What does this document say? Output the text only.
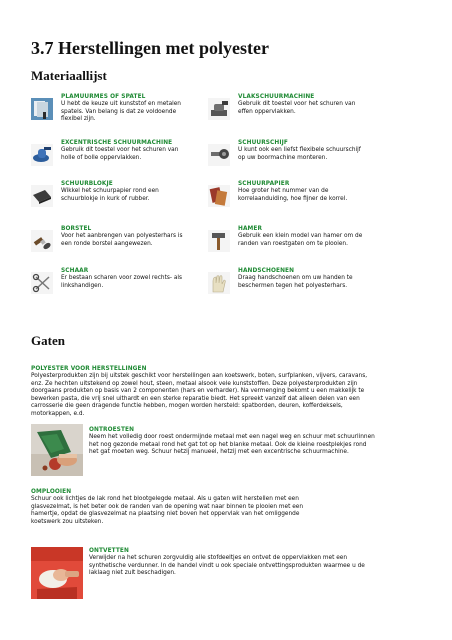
3.7 Herstellingen met polyester
Materiaallijst
PLAMUURMES OF SPATEL
U hebt de keuze uit kunststof en metalen
spatels. Van belang is dat ze voldoende
flexibel zijn.
VLAKSCHUURMACHINE
Gebruik dit toestel voor het schuren van
effen oppervlakken.
EXCENTRISCHE SCHUURMACHINE
Gebruik dit toestel voor het schuren van
holle of bolle oppervlakken.
SCHUURSCHIJF
U kunt ook een liefst flexibele schuurschijf
op uw boormachine monteren.
SCHUURBLOKJE
Wikkel het schuurpapier rond een
schuurblokje in kurk of rubber.
SCHUURPAPIER
Hoe groter het nummer van de
korrelaanduiding, hoe fijner de korrel.
BORSTEL
Voor het aanbrengen van polyesterhars is
een ronde borstel aangewezen.
HAMER
Gebruik een klein model van hamer om de
randen van roestgaten om te plooien.
SCHAAR
Er bestaan scharen voor zowel rechts- als
linkshandigen.
HANDSCHOENEN
Draag handschoenen om uw handen te
beschermen tegen het polyesterhars.
Gaten
POLYESTER VOOR HERSTELLINGEN
Polyesterprodukten zijn bij uitstek geschikt voor herstellingen aan koetswerk, boten, surfplanken, vijvers, caravans,
enz. Ze hechten uitstekend op zowel hout, steen, metaal alsook vele kunststoffen. Deze polyesterprodukten zijn
doorgaans produkten op basis van 2 componenten (hars en verharder). Na vermenging bekomt u een makkelijk te
bewerken pasta, die vrij snel uithardt en een sterke reparatie biedt. Het spreekt vanzelf dat alleen delen van een
carrosserie die geen dragende functie hebben, mogen worden hersteld: spatborden, deuren, kofferdeksels,
motorkappen, e.d.
ONTROESTEN
Neem het volledig door roest ondermijnde metaal met een nagel weg en schuur met schuurlinnen
het nog gezonde metaal rond het gat tot op het blanke metaal. Ook de kleine roestplekjes rond
het gat moeten weg. Schuur hetzij manueel, hetzij met een excentrische schuurmachine.
OMPLOOIEN
Schuur ook lichtjes de lak rond het blootgelegde metaal. Als u gaten wilt herstellen met een
glasvezelmat, is het beter ook de randen van de opening wat naar binnen te plooien met een
hamertje, opdat de glasvezelmat na plaatsing niet boven het oppervlak van het omliggende
koetswerk zou uitsteken.
ONTVETTEN
Verwijder na het schuren zorgvuldig alle stofdeeltjes en ontvet de oppervlakken met een
synthetische verdunner. In de handel vindt u ook speciale ontvettingsprodukten waarmee u de
laklaag niet zult beschadigen.
